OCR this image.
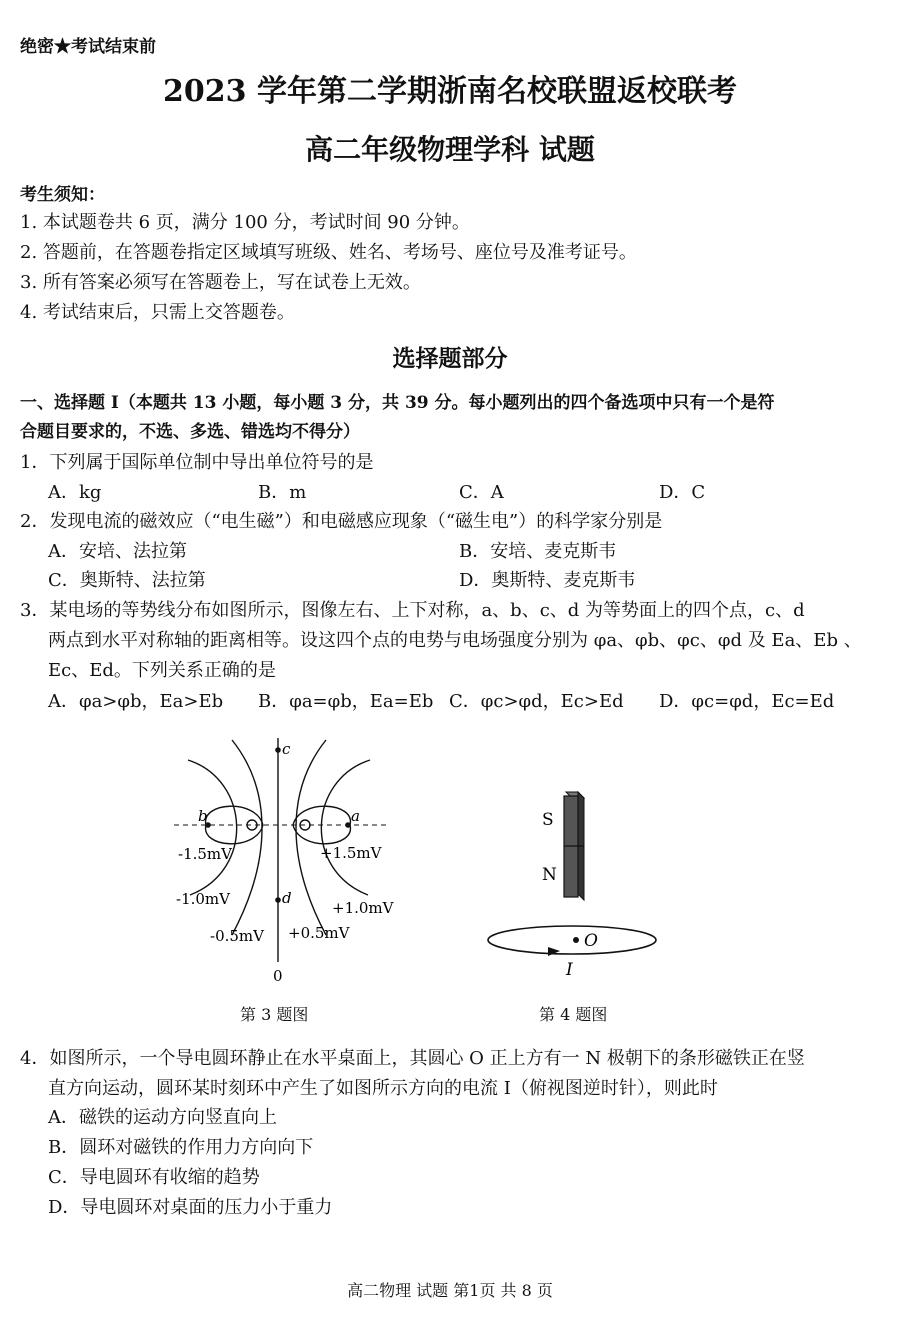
绝密★考试结束前
2023 学年第二学期浙南名校联盟返校联考
高二年级物理学科 试题
考生须知：
1. 本试题卷共 6 页，满分 100 分，考试时间 90 分钟。
2. 答题前，在答题卷指定区域填写班级、姓名、考场号、座位号及准考证号。
3. 所有答案必须写在答题卷上，写在试卷上无效。
4. 考试结束后，只需上交答题卷。
选择题部分
一、选择题 I（本题共 13 小题，每小题 3 分，共 39 分。每小题列出的四个备选项中只有一个是符
合题目要求的，不选、多选、错选均不得分）
1．下列属于国际单位制中导出单位符号的是
A．kg	B．m	C．A	D．C
2．发现电流的磁效应（“电生磁”）和电磁感应现象（“磁生电”）的科学家分别是
A．安培、法拉第	B．安培、麦克斯韦
C．奥斯特、法拉第	D．奥斯特、麦克斯韦
3．某电场的等势线分布如图所示，图像左右、上下对称，a、b、c、d 为等势面上的四个点，c、d
两点到水平对称轴的距离相等。设这四个点的电势与电场强度分别为 φa、φb、φc、φd 及 Ea、Eb 、
Ec、Ed。下列关系正确的是
A．φa>φb，Ea>Eb B．φa=φb，Ea=Eb C．φc>φd，Ec>Ed D．φc=φd，Ec=Ed
c
d
b	a
0
-1.5mV	+1.5mV
-1.0mV	+1.0mV
-0.5mV +0.5mV
第 3 题图
S
N
O
I
第 4 题图
4．如图所示，一个导电圆环静止在水平桌面上，其圆心 O 正上方有一 N 极朝下的条形磁铁正在竖
直方向运动，圆环某时刻环中产生了如图所示方向的电流 I（俯视图逆时针），则此时
A．磁铁的运动方向竖直向上
B．圆环对磁铁的作用力方向向下
C．导电圆环有收缩的趋势
D．导电圆环对桌面的压力小于重力
高二物理 试题 第1页 共 8 页
